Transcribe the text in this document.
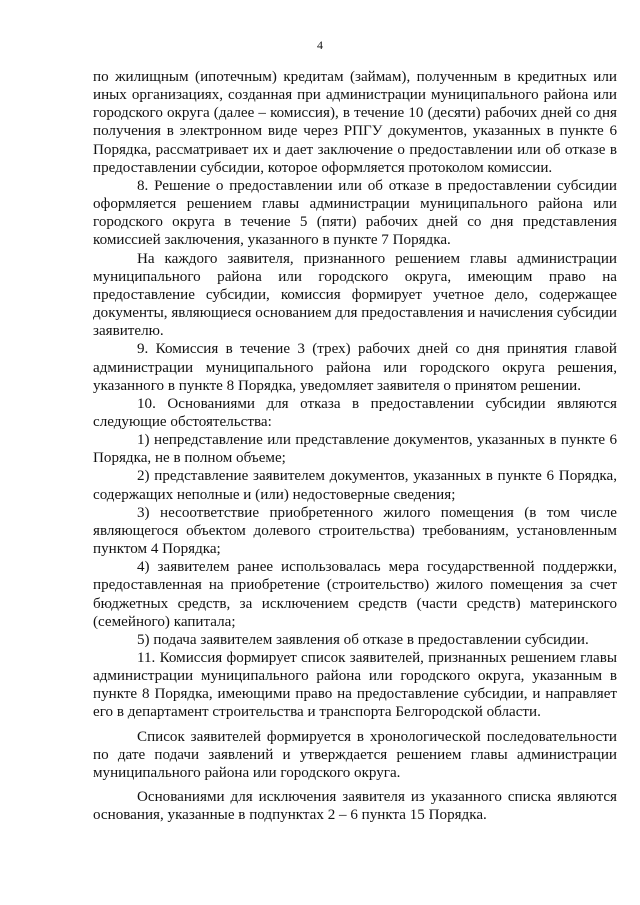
4

по жилищным (ипотечным) кредитам (займам), полученным в кредитных или иных организациях, созданная при администрации муниципального района или городского округа (далее – комиссия), в течение 10 (десяти) рабочих дней со дня получения в электронном виде через РПГУ документов, указанных в пункте 6 Порядка, рассматривает их и дает заключение о предоставлении или об отказе в предоставлении субсидии, которое оформляется протоколом комиссии.

8. Решение о предоставлении или об отказе в предоставлении субсидии оформляется решением главы администрации муниципального района или городского округа в течение 5 (пяти) рабочих дней со дня представления комиссией заключения, указанного в пункте 7 Порядка.

На каждого заявителя, признанного решением главы администрации муниципального района или городского округа, имеющим право на предоставление субсидии, комиссия формирует учетное дело, содержащее документы, являющиеся основанием для предоставления и начисления субсидии заявителю.

9. Комиссия в течение 3 (трех) рабочих дней со дня принятия главой администрации муниципального района или городского округа решения, указанного в пункте 8 Порядка, уведомляет заявителя о принятом решении.

10. Основаниями для отказа в предоставлении субсидии являются следующие обстоятельства:

1) непредставление или представление документов, указанных в пункте 6 Порядка, не в полном объеме;

2) представление заявителем документов, указанных в пункте 6 Порядка, содержащих неполные и (или) недостоверные сведения;

3) несоответствие приобретенного жилого помещения (в том числе являющегося объектом долевого строительства) требованиям, установленным пунктом 4 Порядка;

4) заявителем ранее использовалась мера государственной поддержки, предоставленная на приобретение (строительство) жилого помещения за счет бюджетных средств, за исключением средств (части средств) материнского (семейного) капитала;

5) подача заявителем заявления об отказе в предоставлении субсидии.

11. Комиссия формирует список заявителей, признанных решением главы администрации муниципального района или городского округа, указанным в пункте 8 Порядка, имеющими право на предоставление субсидии, и направляет его в департамент строительства и транспорта Белгородской области.

Список заявителей формируется в хронологической последовательности по дате подачи заявлений и утверждается решением главы администрации муниципального района или городского округа.

Основаниями для исключения заявителя из указанного списка являются основания, указанные в подпунктах 2 – 6 пункта 15 Порядка.
